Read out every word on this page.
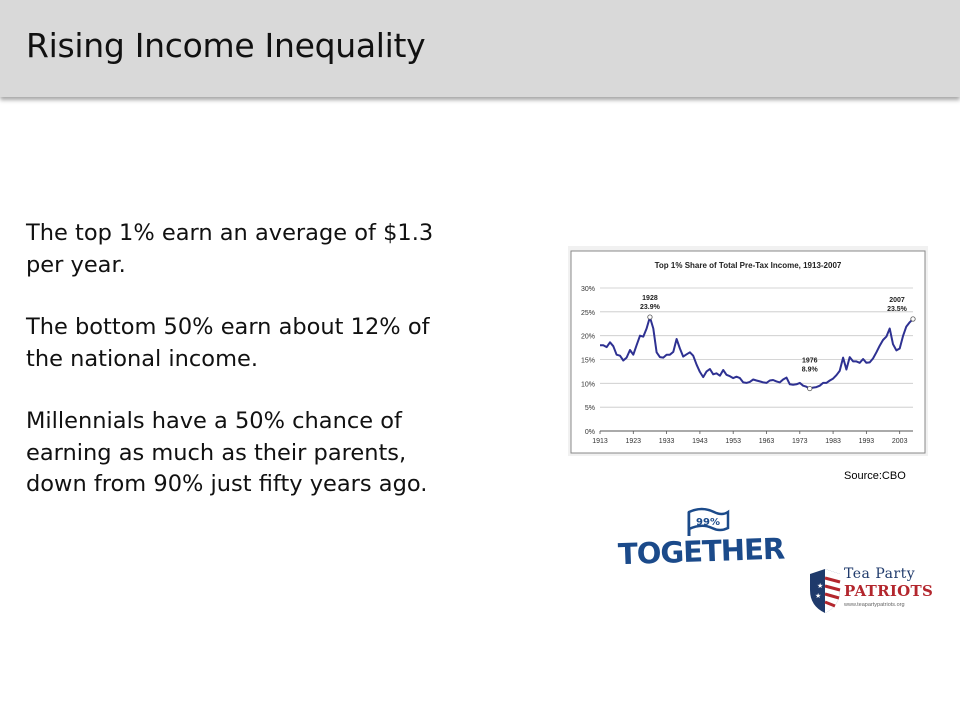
Rising Income Inequality

The top 1% earn an average of $1.3 per year.

The bottom 50% earn about 12% of the national income.

Millennials have a 50% chance of earning as much as their parents, down from 90% just fifty years ago.

Top 1% Share of Total Pre-Tax Income, 1913-2007
0%
5%
10%
15%
20%
25%
30%
1913	1923	1933	1943	1953	1963	1973	1983	1993	2003
1928
23.9%
1976
8.9%
2007
23.5%
Source:CBO
99%
TOGETHER
★
★
Tea Party
PATRIOTS
www.teapartypatriots.org
